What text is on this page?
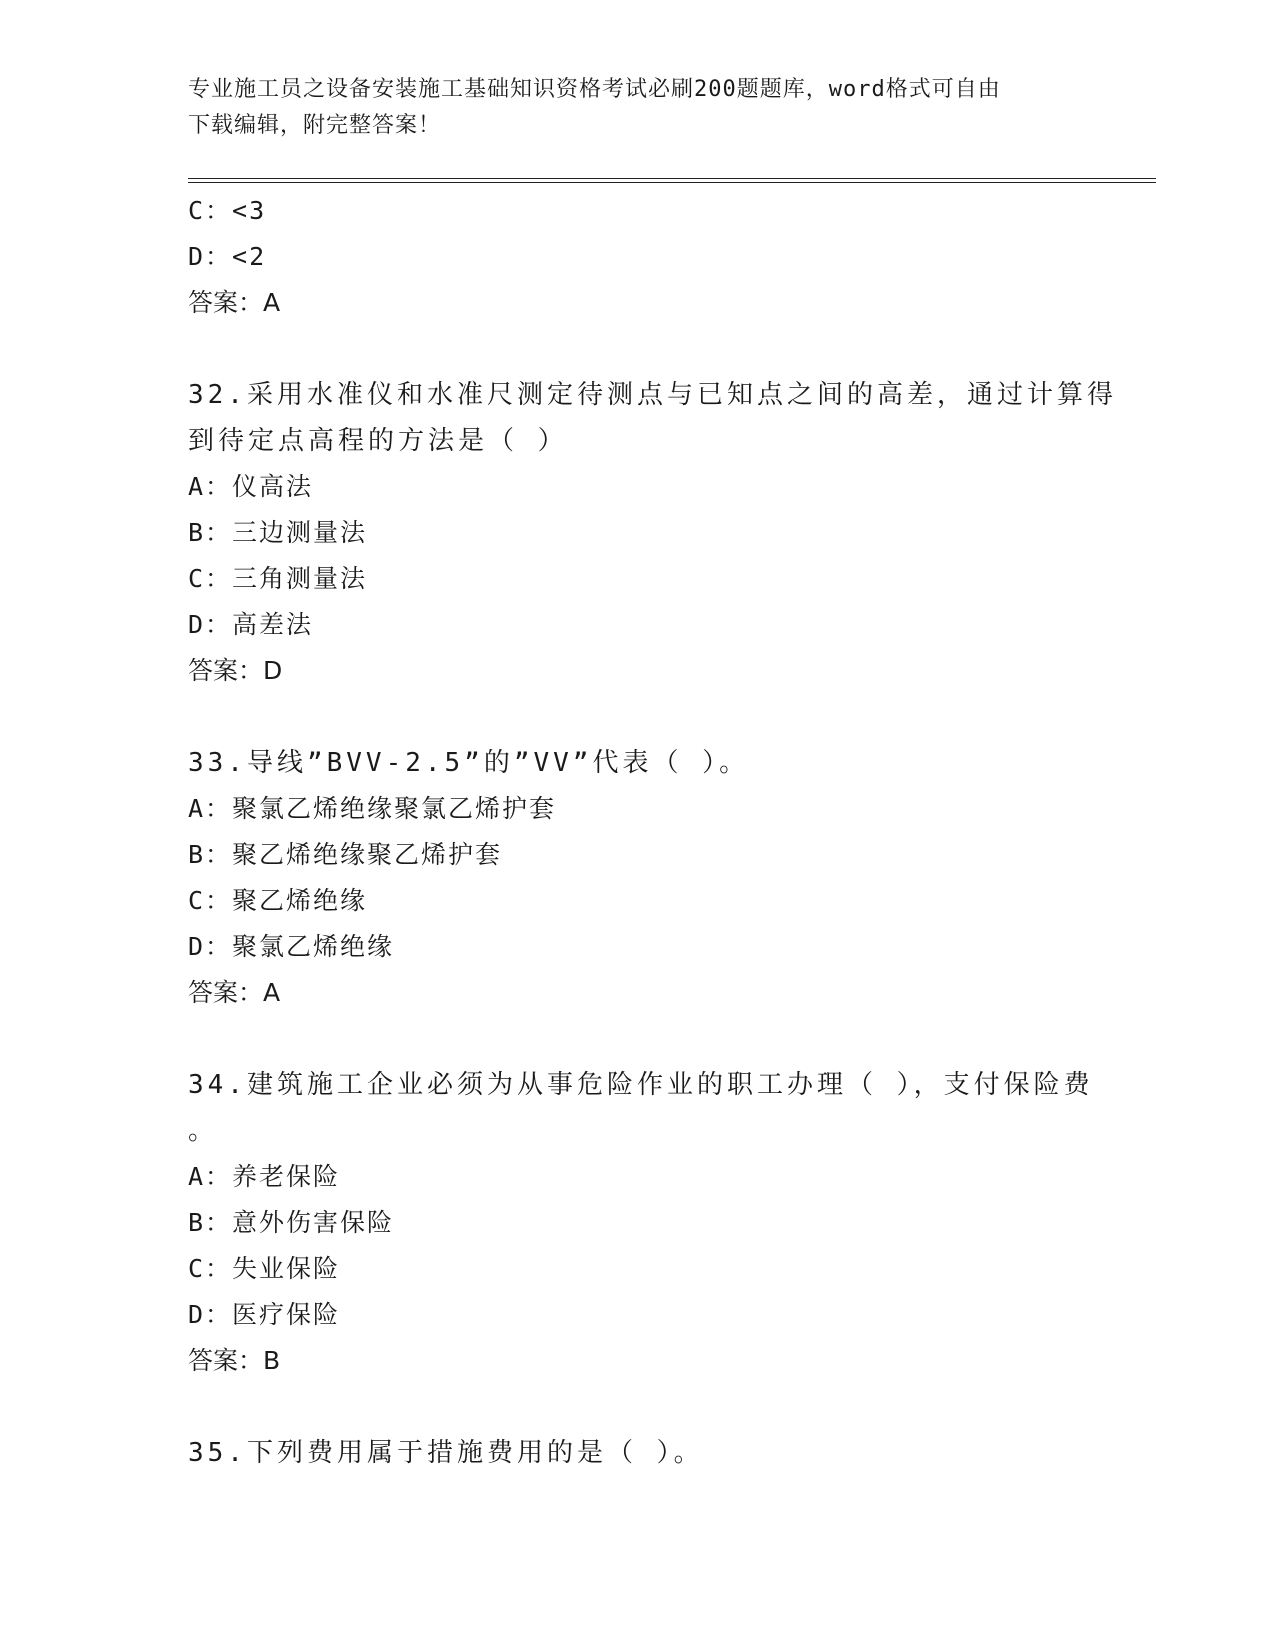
专业施工员之设备安装施工基础知识资格考试必刷200题题库，word格式可自由
下载编辑，附完整答案！
C：<3
D：<2
答案：A
32.采用水准仪和水准尺测定待测点与已知点之间的高差，通过计算得
到待定点高程的方法是（ ）
A：仪高法
B：三边测量法
C：三角测量法
D：高差法
答案：D
33.导线”BVV-2.5”的”VV”代表（ ）。
A：聚氯乙烯绝缘聚氯乙烯护套
B：聚乙烯绝缘聚乙烯护套
C：聚乙烯绝缘
D：聚氯乙烯绝缘
答案：A
34.建筑施工企业必须为从事危险作业的职工办理（ ），支付保险费
。
A：养老保险
B：意外伤害保险
C：失业保险
D：医疗保险
答案：B
35.下列费用属于措施费用的是（ ）。
